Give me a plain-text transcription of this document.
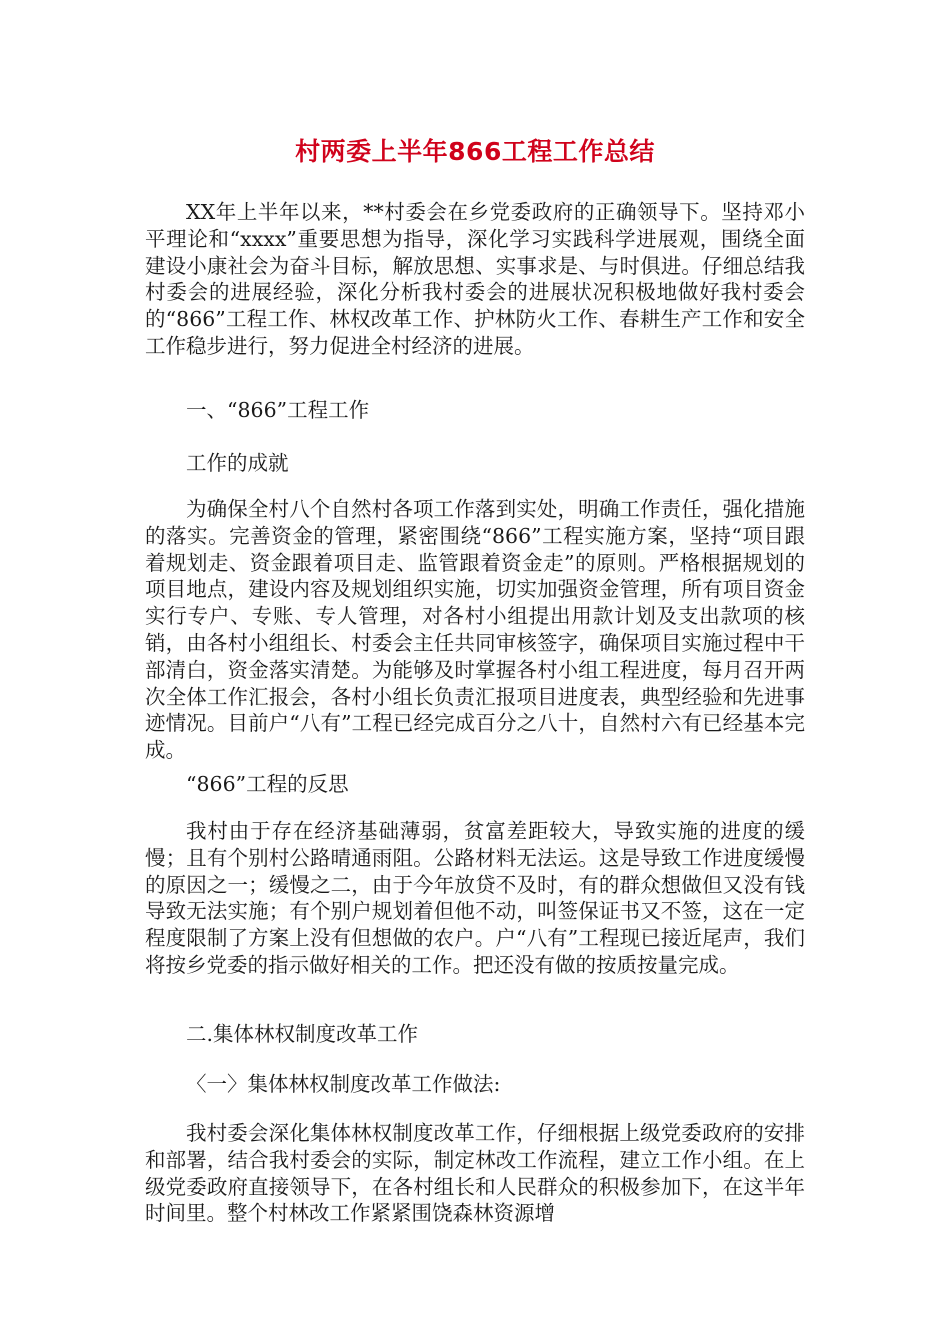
村两委上半年866工程工作总结
XX年上半年以来，**村委会在乡党委政府的正确领导下。坚持邓小平理论和“xxxx”重要思想为指导，深化学习实践科学进展观，围绕全面建设小康社会为奋斗目标，解放思想、实事求是、与时俱进。仔细总结我村委会的进展经验，深化分析我村委会的进展状况积极地做好我村委会的“866”工程工作、林权改革工作、护林防火工作、春耕生产工作和安全工作稳步进行，努力促进全村经济的进展。
一、“866”工程工作
工作的成就
为确保全村八个自然村各项工作落到实处，明确工作责任，强化措施的落实。完善资金的管理，紧密围绕“866”工程实施方案，坚持“项目跟着规划走、资金跟着项目走、监管跟着资金走”的原则。严格根据规划的项目地点，建设内容及规划组织实施，切实加强资金管理，所有项目资金实行专户、专账、专人管理，对各村小组提出用款计划及支出款项的核销，由各村小组组长、村委会主任共同审核签字，确保项目实施过程中干部清白，资金落实清楚。为能够及时掌握各村小组工程进度，每月召开两次全体工作汇报会，各村小组长负责汇报项目进度表，典型经验和先进事迹情况。目前户“八有”工程已经完成百分之八十，自然村六有已经基本完成。
“866”工程的反思
我村由于存在经济基础薄弱，贫富差距较大，导致实施的进度的缓慢；且有个别村公路晴通雨阻。公路材料无法运。这是导致工作进度缓慢的原因之一；缓慢之二，由于今年放贷不及时，有的群众想做但又没有钱导致无法实施；有个别户规划着但他不动，叫签保证书又不签，这在一定程度限制了方案上没有但想做的农户。户“八有”工程现已接近尾声，我们将按乡党委的指示做好相关的工作。把还没有做的按质按量完成。
二.集体林权制度改革工作
〈一〉集体林权制度改革工作做法:
我村委会深化集体林权制度改革工作，仔细根据上级党委政府的安排和部署，结合我村委会的实际，制定林改工作流程，建立工作小组。在上级党委政府直接领导下，在各村组长和人民群众的积极参加下，在这半年时间里。整个村林改工作紧紧围饶森林资源增
